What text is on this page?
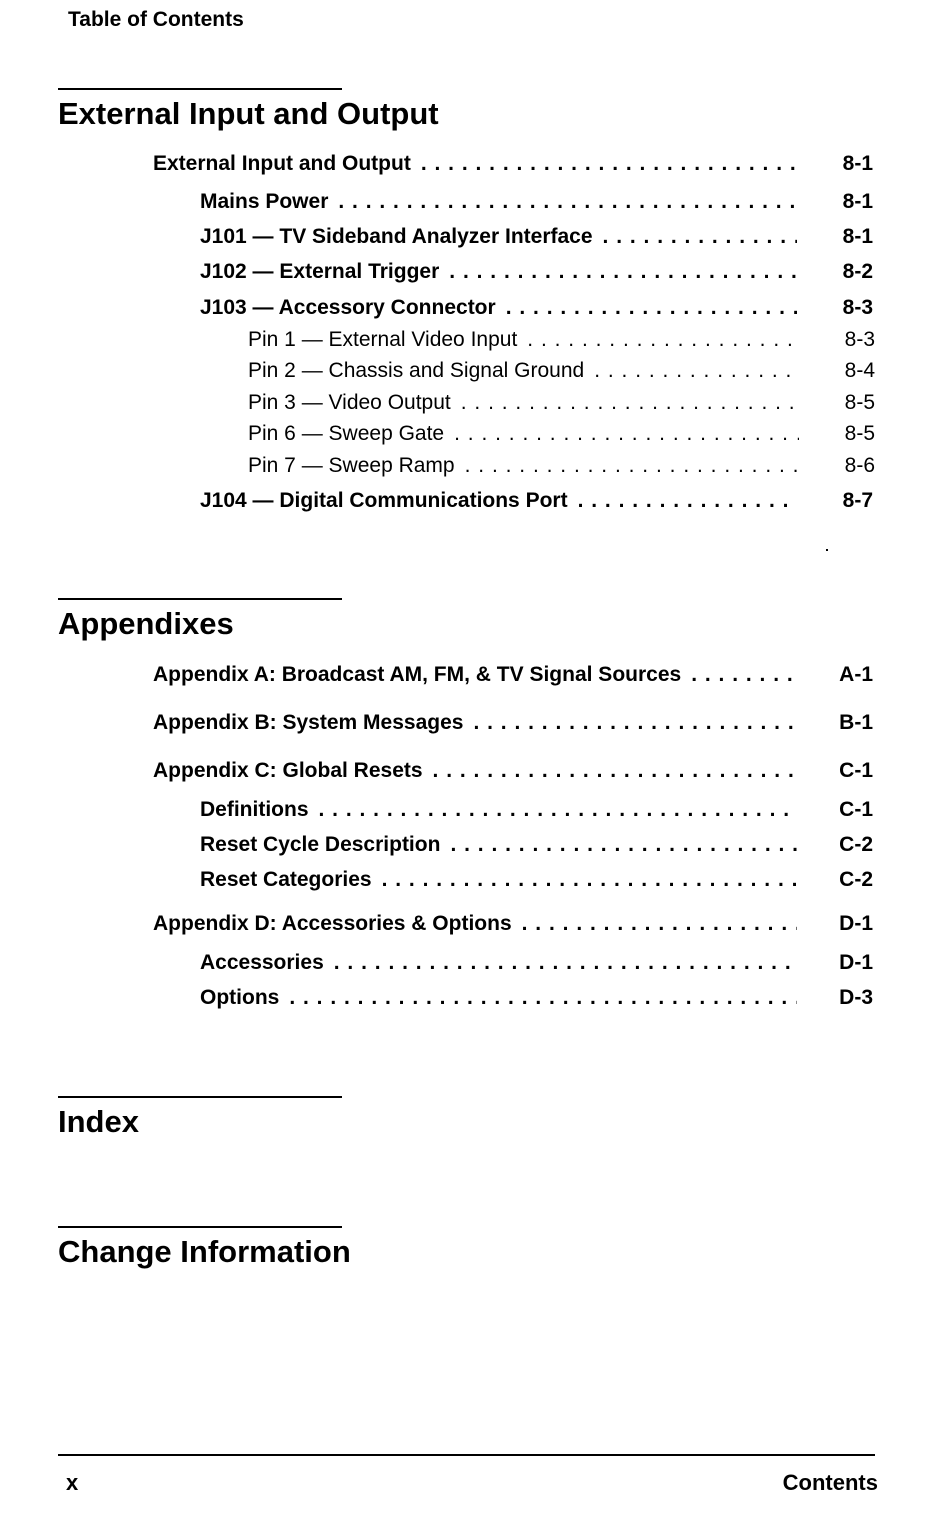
Table of Contents
External Input and Output
External Input and Output . . .	8-1
Mains Power . . .	8-1
J101 — TV Sideband Analyzer Interface . . .	8-1
J102 — External Trigger . . .	8-2
J103 — Accessory Connector . . .	8-3
Pin 1 — External Video Input . . .	8-3
Pin 2 — Chassis and Signal Ground . . .	8-4
Pin 3 — Video Output . . .	8-5
Pin 6 — Sweep Gate . . .	8-5
Pin 7 — Sweep Ramp . . .	8-6
J104 — Digital Communications Port . . .	8-7
Appendixes
Appendix A: Broadcast AM, FM, & TV Signal Sources . . .	A-1
Appendix B: System Messages . . .	B-1
Appendix C: Global Resets . . .	C-1
Definitions . . .	C-1
Reset Cycle Description . . .	C-2
Reset Categories . . .	C-2
Appendix D: Accessories & Options . . .	D-1
Accessories . . .	D-1
Options . . .	D-3
Index
Change Information
x	Contents
